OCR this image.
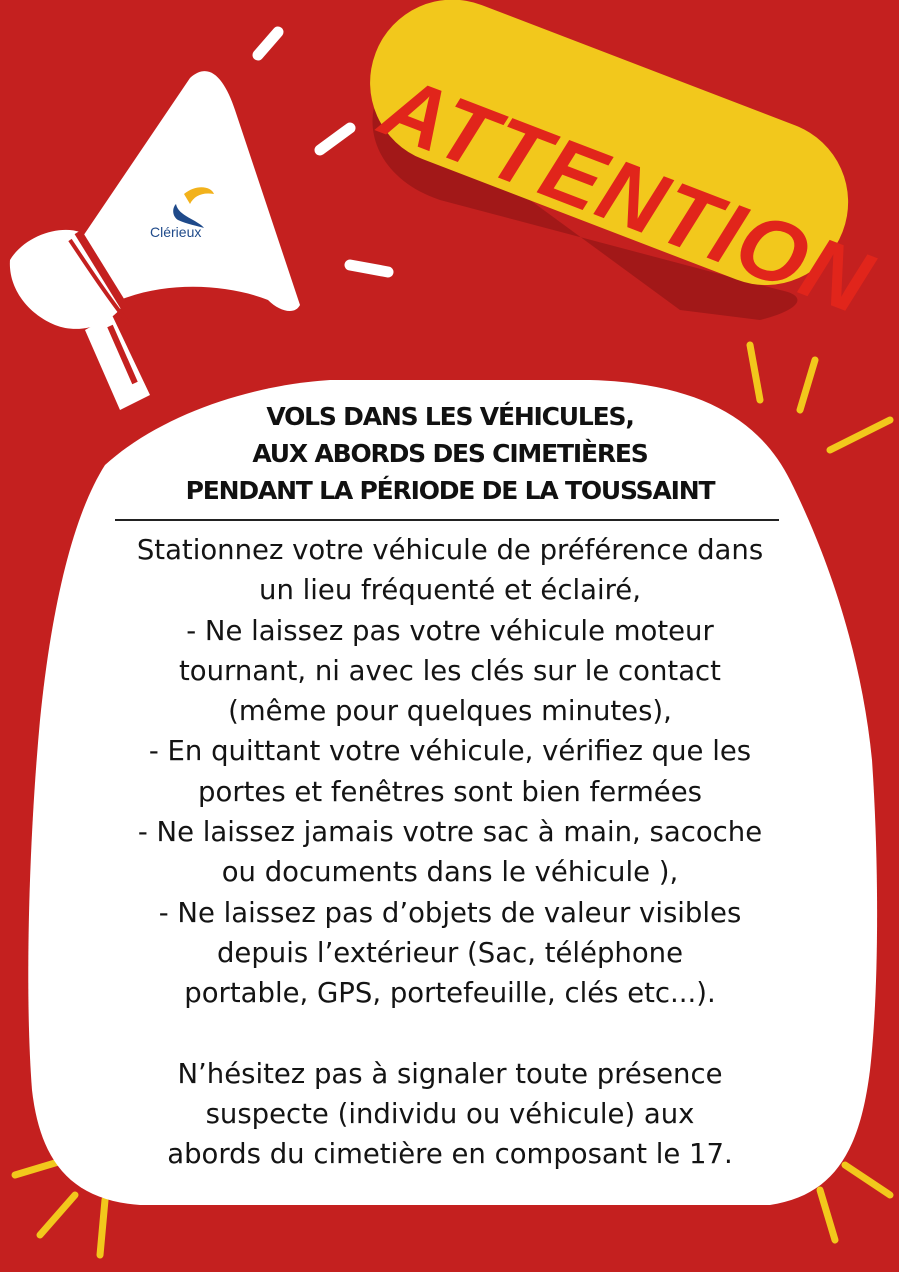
ATTENTION
Clérieux
VOLS DANS LES VÉHICULES,
AUX ABORDS DES CIMETIÈRES
PENDANT LA PÉRIODE DE LA TOUSSAINT
Stationnez votre véhicule de préférence dans
un lieu fréquenté et éclairé,
- Ne laissez pas votre véhicule moteur
tournant, ni avec les clés sur le contact
(même pour quelques minutes),
- En quittant votre véhicule, vérifiez que les
portes et fenêtres sont bien fermées
- Ne laissez jamais votre sac à main, sacoche
ou documents dans le véhicule ),
- Ne laissez pas d’objets de valeur visibles
depuis l’extérieur (Sac, téléphone
portable, GPS, portefeuille, clés etc...).
N’hésitez pas à signaler toute présence
suspecte (individu ou véhicule) aux
abords du cimetière en composant le 17.
